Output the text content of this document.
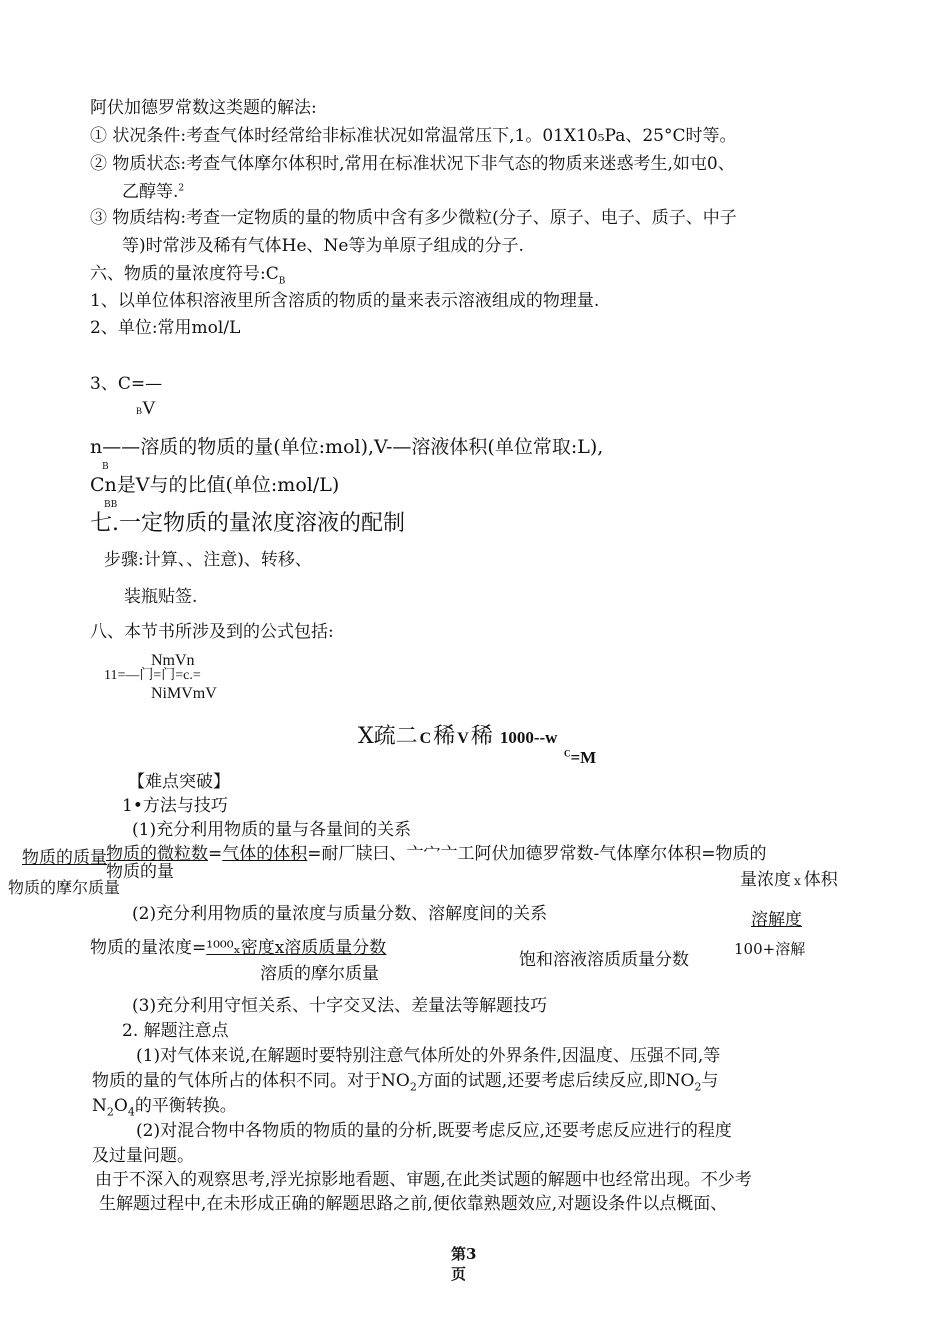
阿伏加德罗常数这类题的解法:
① 状况条件:考查气体时经常给非标准状况如常温常压下,1。01X10₅Pa、25°C时等。
② 物质状态:考查气体摩尔体积时,常用在标准状况下非气态的物质来迷惑考生,如屯0、
乙醇等.$^2$
③ 物质结构:考查一定物质的量的物质中含有多少微粒(分子、原子、电子、质子、中子
等)时常涉及稀有气体He、Ne等为单原子组成的分子.
六、物质的量浓度符号$:C_B$
1、以单位体积溶液里所含溶质的物质的量来表示溶液组成的物理量.
2、单位:常用mol/L
3、C=—
BV
n——溶质的物质的量(单位:mol),V-—溶液体积(单位常取:L),
B
Cn是V与的比值(单位:mol/L)
BB
七.一定物质的量浓度溶液的配制
步骤:计算、、注意)、转移、
装瓶贴签.
八、本节书所涉及到的公式包括:
NmVn
11=—门=门=c.=
NiMVmV
X疏二 C稀 V稀 1000--w
$^C$=M
【难点突破】
1•方法与技巧
(1)充分利用物质的量与各量间的关系
物质的质量 物质的微粒数=气体的体积=耐厂牍曰、亠宀亠工阿伏加德罗常数-气体摩尔体积=物质的
物质的摩尔质量
物质的量	量浓度 x 体积
(2)充分利用物质的量浓度与质量分数、溶解度间的关系	溶解度
物质的量浓度=¹⁰⁰⁰ₓ密度x溶质质量分数
饱和溶液溶质质量分数
100+溶解
溶质的摩尔质量
(3)充分利用守恒关系、十字交叉法、差量法等解题技巧
2. 解题注意点
(1)对气体来说,在解题时要特别注意气体所处的外界条件,因温度、压强不同,等
物质的量的气体所占的体积不同。对于$NO_2$方面的试题,还要考虑后续反应,即$NO_2$与
$N_2O_4$的平衡转换。
(2)对混合物中各物质的物质的量的分析,既要考虑反应,还要考虑反应进行的程度
及过量问题。
由于不深入的观察思考,浮光掠影地看题、审题,在此类试题的解题中也经常出现。不少考
生解题过程中,在未形成正确的解题思路之前,便依靠熟题效应,对题设条件以点概面、
第3
页
